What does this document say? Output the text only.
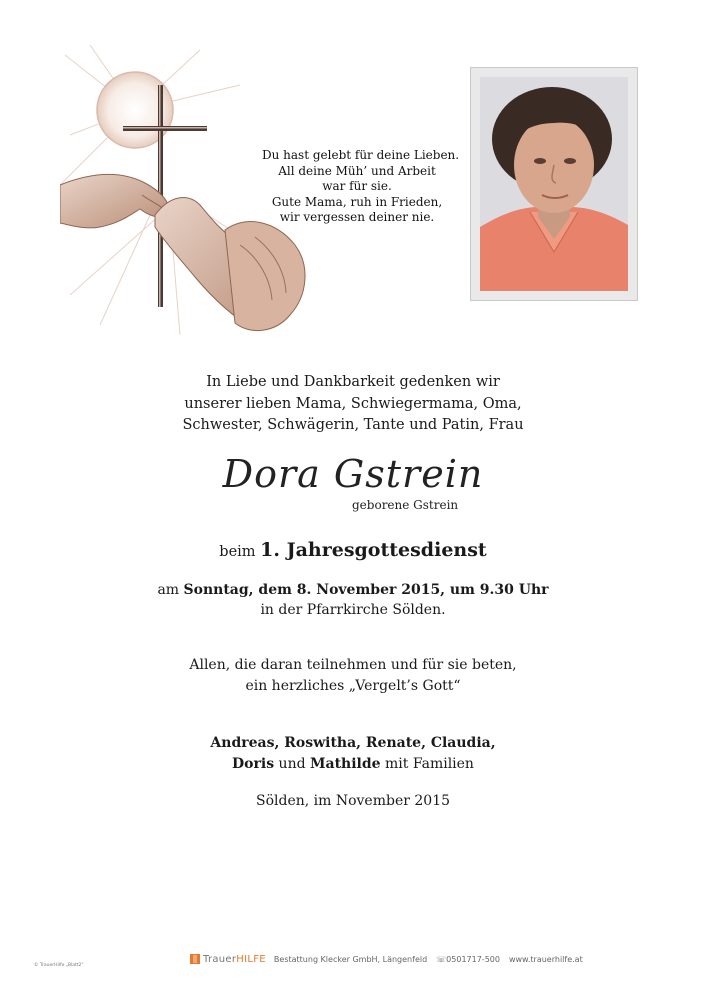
Du hast gelebt für deine Lieben.
All deine Müh’ und Arbeit
war für sie.
Gute Mama, ruh in Frieden,
wir vergessen deiner nie.
In Liebe und Dankbarkeit gedenken wir
unserer lieben Mama, Schwiegermama, Oma,
Schwester, Schwägerin, Tante und Patin, Frau
Dora Gstrein
geborene Gstrein
beim 1. Jahresgottesdienst
am Sonntag, dem 8. November 2015, um 9.30 Uhr
in der Pfarrkirche Sölden.
Allen, die daran teilnehmen und für sie beten,
ein herzliches „Vergelt’s Gott“
Andreas, Roswitha, Renate, Claudia,
Doris und Mathilde mit Familien
Sölden, im November 2015
© TrauerHilfe „Blatt2“
Trauer HILFE Bestattung Klecker GmbH, Längenfeld ☏0501717-500 www.trauerhilfe.at
